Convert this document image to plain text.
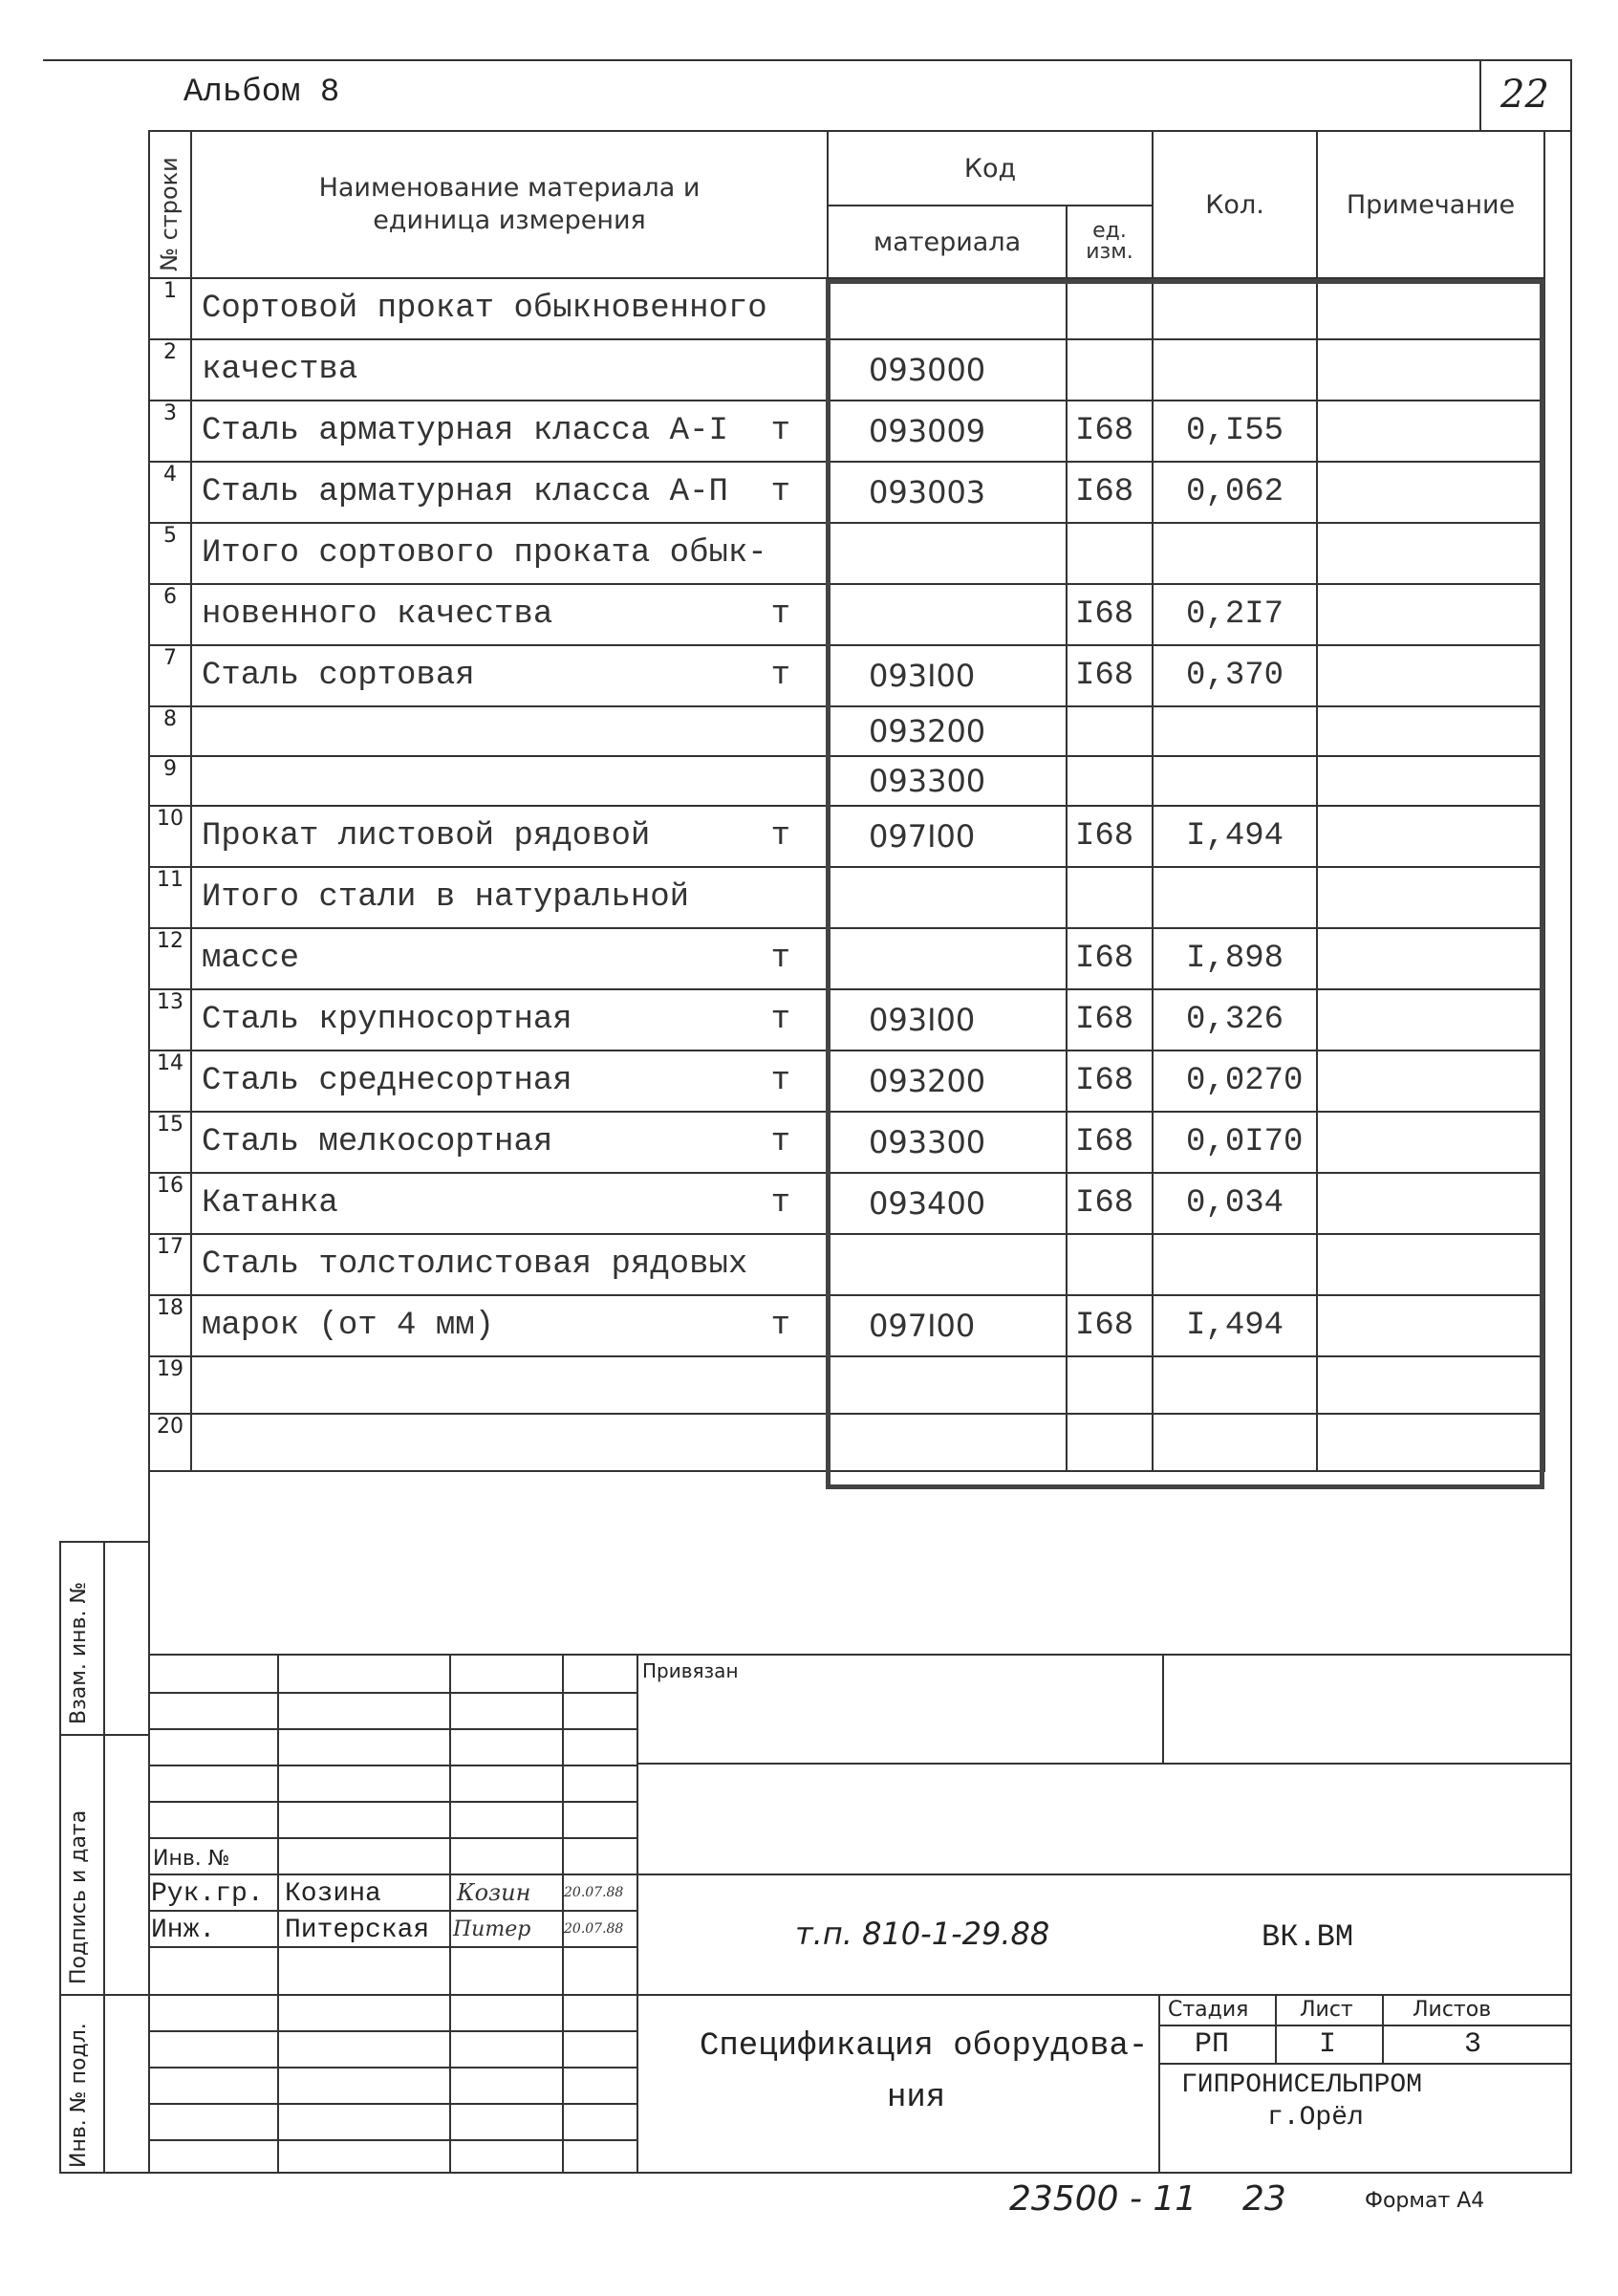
Альбом 8	22
№ строки	Наименование материала и единица измерения	Код		Кол.	Примечание
		материала	ед. изм.		
1	Сортовой прокат обыкновенного

2	качества	093000			
3	Сталь арматурная класса А-I т	093009	I68	0,I55	
4	Сталь арматурная класса А-П т	093003	I68	0,062	
5	Итого сортового проката обык-

6	новенного качества т		I68	0,2I7	
7	Сталь сортовая т	093I00	I68	0,370	
8		093200			
9		093300			
10	Прокат листовой рядовой т	097I00	I68	I,494	
11	Итого стали в натуральной

12	массе т		I68	I,898	
13	Сталь крупносортная т	093I00	I68	0,326	
14	Сталь среднесортная т	093200	I68	0,0270	
15	Сталь мелкосортная т	093300	I68	0,0I70	
16	Катанка т	093400	I68	0,034	
17	Сталь толстолистовая рядовых

18	марок (от 4 мм) т	097I00	I68	I,494	
19	

20	

Взам. инв. №
Подпись и дата
Инв. № подл.
Привязан
Инв. №
Рук.гр. Козина	Козин 20.07.88
Инж.	Питерская Питер 20.07.88	т.п. 810-1-29.88	ВК.ВМ
Спецификация оборудова-
ния
Стадия Лист	Листов
РП	I	3
ГИПРОНИСЕЛЬПРОМ
г.Орёл
23500 - 11 23	Формат А4
